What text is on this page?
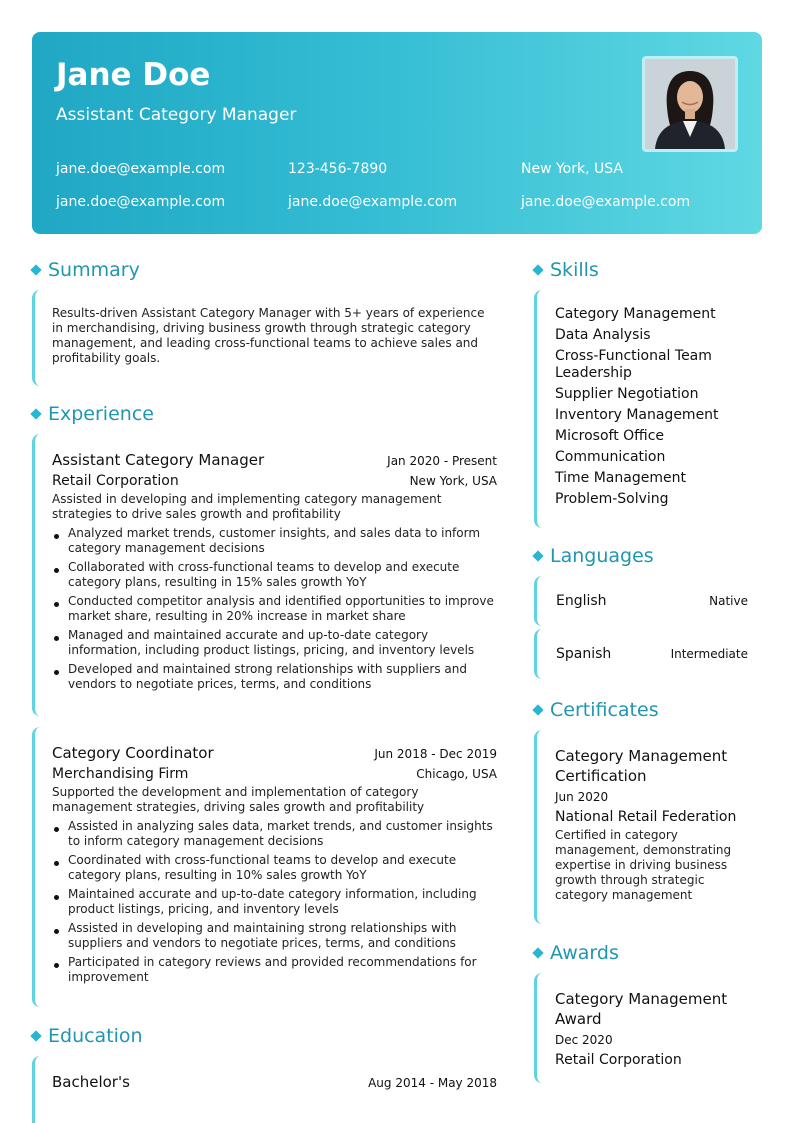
Jane Doe
Assistant Category Manager
jane.doe@example.com	123-456-7890	New York, USA
jane.doe@example.com	jane.doe@example.com	jane.doe@example.com
Summary
Results-driven Assistant Category Manager with 5+ years of experience in merchandising, driving business growth through strategic category management, and leading cross-functional teams to achieve sales and profitability goals.
Experience
Assistant Category Manager	Jan 2020 - Present
Retail Corporation	New York, USA
Assisted in developing and implementing category management strategies to drive sales growth and profitability
Analyzed market trends, customer insights, and sales data to inform category management decisions
Collaborated with cross-functional teams to develop and execute category plans, resulting in 15% sales growth YoY
Conducted competitor analysis and identified opportunities to improve market share, resulting in 20% increase in market share
Managed and maintained accurate and up-to-date category information, including product listings, pricing, and inventory levels
Developed and maintained strong relationships with suppliers and vendors to negotiate prices, terms, and conditions
Category Coordinator	Jun 2018 - Dec 2019
Merchandising Firm	Chicago, USA
Supported the development and implementation of category management strategies, driving sales growth and profitability
Assisted in analyzing sales data, market trends, and customer insights to inform category management decisions
Coordinated with cross-functional teams to develop and execute category plans, resulting in 10% sales growth YoY
Maintained accurate and up-to-date category information, including product listings, pricing, and inventory levels
Assisted in developing and maintaining strong relationships with suppliers and vendors to negotiate prices, terms, and conditions
Participated in category reviews and provided recommendations for improvement
Education
Bachelor's	Aug 2014 - May 2018
Skills
Category Management
Data Analysis
Cross-Functional Team Leadership
Supplier Negotiation
Inventory Management
Microsoft Office
Communication
Time Management
Problem-Solving
Languages
English	Native
Spanish	Intermediate
Certificates
Category Management Certification
Jun 2020
National Retail Federation
Certified in category management, demonstrating expertise in driving business growth through strategic category management
Awards
Category Management Award
Dec 2020
Retail Corporation
